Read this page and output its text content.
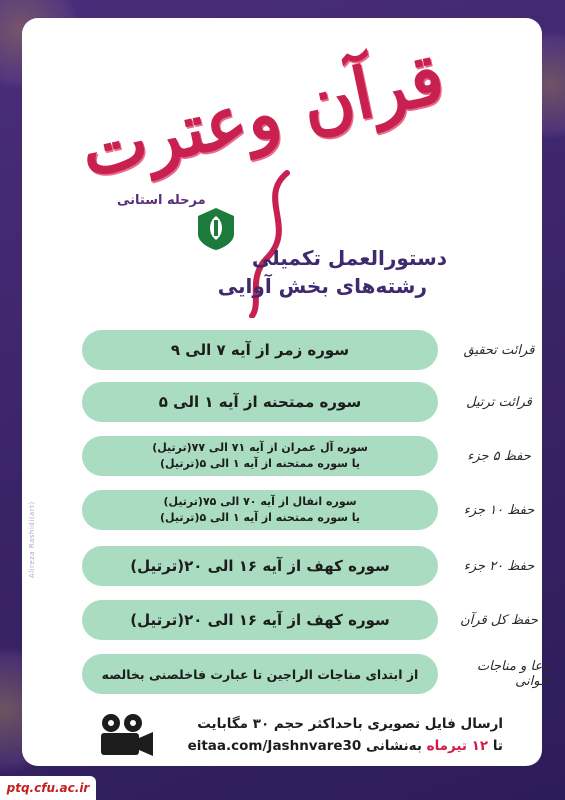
Alireza Rashidi(art)
قرآن وعترت
مرحله استانی
دستورالعمل تکمیلی
رشته‌های بخش آوایی
قرائت تحقیق
سوره زمر از آیه ۷ الی ۹
قرائت ترتیل
سوره ممتحنه از آیه ۱ الی ۵
حفظ ۵ جزء
سوره آل عمران از آیه ۷۱ الی ۷۷(ترتیل)
یا سوره ممتحنه از آیه ۱ الی ۵(ترتیل)
حفظ ۱۰ جزء
سوره انفال از آیه ۷۰ الی ۷۵(ترتیل)
یا سوره ممتحنه از آیه ۱ الی ۵(ترتیل)
حفظ ۲۰ جزء
سوره کهف از آیه ۱۶ الی ۲۰(ترتیل)
حفظ کل قرآن
سوره کهف از آیه ۱۶ الی ۲۰(ترتیل)
دعا و مناجات خوانی
از ابتدای مناجات الراجین تا عبارت فاخلصنی بخالصه
ارسال فایل تصویری باحداکثر حجم ۳۰ مگابایت
تا ۱۲ تیرماه به‌نشانی eitaa.com/Jashnvare30
ptq.cfu.ac.ir
